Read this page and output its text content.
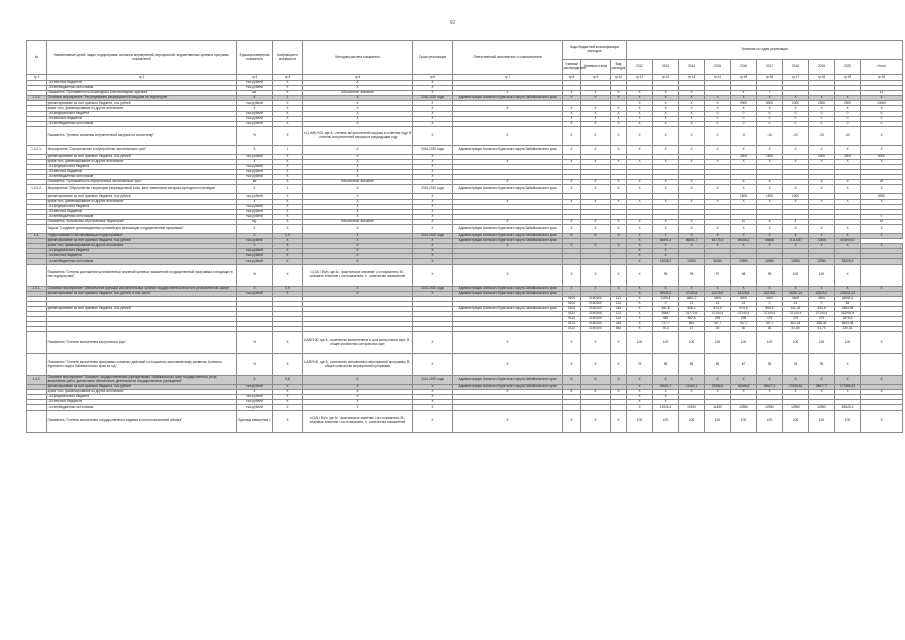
92
№	Наименование целей, задач, подпрограмм, основных мероприятий, мероприятий, ведомственных целевых программ, показателей	Единица измерения показателя	Коэффициент значимости	Методика расчета показателя	Сроки реализации	Ответственный исполнитель и соисполнители	Коды бюджетной классификации расходов			Значения по годам реализации									
							Главный распорядитель	Целевая статья	Вид расходов	2012	2013	2014	2015	2016	2017	2018	2019	2020	Итого
гр.1	гр.2	гр.3	гр.4	гр.5	гр.6	гр.7	гр.8	гр.9	гр.10	гр.11	гр.12	гр.13	гр.14	гр.15	гр.16	гр.17	гр.18	гр.19	гр.20
	- из местных бюджетов	тыс.рублей	Х	Х	Х														
	- из внебюджетных источников	тыс.рублей	Х	Х	Х														
	Показатель "Протяженность пешеходных и велосипедных дорожек"	км.	Х	Абсолютное значение	Х	Х	Х	Х	Х	Х	Х	Х		4	7				11
1.3.2.	Основное мероприятие "Регулирование рекреационной нагрузки на территорию"	Х	1	Х	2016-2020 годы	Администрация Агинского Бурятского округа Забайкальского края	Х	Х	Х	Х	Х	Х	Х	Х	Х	Х	Х	Х	Х
	финансирование за счет краевого бюджета, тыс.рублей	тыс.рублей	Х	Х	Х					Х	Х	Х	0	9000	8000	1000	1500	2500	13000
	кроме того, финансирование из других источников:	Х	Х	Х	Х	Х	Х	Х	Х	Х	Х	Х	Х	Х	Х	Х	Х	Х	Х
	- из федерального бюджета	тыс.рублей	Х	Х	Х		Х	Х	Х	Х	Х	Х	0	0	0	0	0	0	0
	- из местных бюджетов	тыс.рублей	Х	Х	Х		Х	Х	Х	Х	Х	Х	0	0	0	0	0	0	0
	- из внебюджетных источников	тыс.рублей	Х	Х	Х		Х	Х	Х	Х	Х	Х	0	0	0	0	0	0	0
	Показатель "Уровень снижения антропогенной нагрузки на экосистему"	%	Х	I=(1-A/B)*100, где A - степень антропогенной нагрузки в отчетном году; B - степень антропогенной нагрузки в предыдущем году	Х	Х	Х	Х	Х	Х	Х	Х	0	-5	-15	-20	-25	-30	Х
1.3.2.1.	Мероприятие "Строительство и обустройство экологических троп"	Х	1	Х	2016-2020 годы	Администрация Агинского Бурятского округа Забайкальского края	Х	Х	Х	Х	Х	Х	Х	Х	Х	Х	Х	Х	Х
	финансирование за счет краевого бюджета, тыс.рублей	тыс.рублей	Х	Х	Х									2500	1500		1500	2500	8000
	кроме того, финансирование из других источников:	Х	Х	Х	Х	Х	Х	Х	Х	Х	Х	Х	Х	Х	Х	Х	Х	Х	Х
	- из федерального бюджета	тыс.рублей	Х	Х	Х														
	- из местных бюджетов	тыс.рублей	Х	Х	Х														
	- из внебюджетных источников	тыс.рублей	Х	Х	Х														
	Показатель "Протяженность обустроенных экологических троп"	км	Х	Абсолютное значение	Х	Х	Х	Х	Х	Х	Х	Х		6	5		5	9	28
1.3.2.2.	Мероприятие "Обустройство территории рекреационной зоны, вахт, памятников историко-культурного наследия"	Х	1	Х	2019-2020 годы	Администрация Агинского Бурятского округа Забайкальского края	Х	Х	Х	Х	Х	Х	Х	Х	Х	Х	Х	Х	Х
	финансирование за счет краевого бюджета, тыс.рублей	тыс.рублей	Х	Х	Х									1500	1500	1000			5000
	кроме того, финансирование из других источников:	Х	Х	Х	Х	Х	Х	Х	Х	Х	Х	Х	Х	Х	Х	Х	Х	Х	Х
	- из федерального бюджета	тыс.рублей	Х	Х	Х														
	- из местных бюджетов	тыс.рублей	Х	Х	Х														
	- из внебюджетных источников	тыс.рублей	Х	Х	Х														0
	Показатель "Количество обустроенных территорий"	ед.	Х	Абсолютное значение	Х	Х	Х	Х	Х	Х	Х	Х		10	5	4			19
	Задача "Создание организационных условий для реализации государственной программы"	Х	Х	Х	Х	Администрация Агинского Бурятского округа Забайкальского края	Х	Х	Х	Х	Х	Х	Х	Х	Х	Х	Х	Х	Х
1.4.	Подпрограмма «Обеспечивающая подпрограмма»	Х	0,9	Х	2014-2020 годы	Администрация Агинского Бурятского округа Забайкальского края	Х	Х	Х	Х	Х	Х	Х	Х	Х	Х	Х	Х	Х
	финансирование за счет краевого бюджета, тыс.рублей	тыс.рублей	Х	Х	Х	Администрация Агинского Бурятского округа Забайкальского края				Х	65591,4	56551,7	65775,4	69406,2	69846	71118,87	72406	470690,57	
	кроме того, финансирование из других источников:	Х	Х	Х	Х	Х	Х	Х	Х	Х	Х	Х	Х	Х	Х	Х	Х	Х	Х
	- из федерального бюджета	тыс.рублей	Х	Х	Х					Х	Х								
	- из местных бюджетов	тыс.рублей	Х	Х	Х					Х	Х								
	- из внебюджетных источников	тыс.рублей	Х	Х	Х					Х	11926,3	10150	11450	12550	12550	12550	12550	83526,3	
	Показатель "Степень достижения установленных значений целевых показателей государственной программы и входящих в нее подпрограмм"	%	Х	I=(ΣAi / Bi)/n, где Ai - фактическое значение i-го показателя; Bi - плановое значение i-ого показателя, n - количество показателей	Х	Х	Х	Х	Х	Х	95	96	97	98	99	100	100	Х	
1.4.1.	Основное мероприятие "Обеспечение функций исполнительных органов государственной власти в установленной сфере"	Х	0,9	Х	2014-2020 годы	Администрация Агинского Бурятского округа Забайкальского края	Х	Х	Х	Х	Х	Х	Х	Х	Х	Х	Х	Х	Х
	финансирование за счет краевого бюджета, тыс.рублей, в том числе:	тыс.рублей	Х	Х	Х	Администрация Агинского Бурятского округа Забайкальского края				Х	39930,2	37183,6	43218,9	43128,6	43218,6	43251,24	43529,2	293001,14	
							0104	2150100	121	Х	2155,4	3881,2	4409	4409	4409	4409	4409	28081,6	
							0104	2150100	122	Х	0	21	21	21	0	21	0	83	
	финансирование за счет краевого бюджета, тыс.рублей					Администрация Агинского Бурятского округа Забайкальского края	0104	2150100	244	Х	481,8	508,2	574,5	574,5	894,5	411,25	430,8	3384,95	
							0113	2150100	121	Х	35487	31772,6	37144,4	37144,4	37144,4	37144,4	37144,4	252951,6	
							0113	2150100	122	Х	459	382,5	299	299	479	479	479	2876,5	
							0113	2150100	244	Х	717,7	891	767,7	767,7	767,7	802,24	838,34	5553,38	
							0113	2150100	852	Х	78,3	27	30	30	30	51,35	51,74	220,41	
	Показатель "Степень выполнения контрольных карт"	%	Х	I=A/B*100, где A - количество выполненных в срок контрольных карт; B - общее количество контрольных карт	Х	Х	Х	Х	Х	100	100	100	100	100	100	100	100	100	Х
	Показатель "Степень выполнения программы основных действий по социально-экономическому развитию Агинского Бурятского округа Забайкальского края за год"	%	Х	I=A/B*100, где A - количество исполненных мероприятий программы; B - общее количество мероприятий программы	Х	Х	Х	Х	Х	75	85	85	85	87	90	92	95	Х	
1.4.2.	Основное мероприятие "Оказание государственными учреждениями Забайкальского края государственных услуг, выполнение работ, финансовое обеспечение деятельности государственных учреждений"	Х	0,8	Х	2014-2020 годы	Администрация Агинского Бурятского округа Забайкальского края	Х	Х	Х	Х	Х	Х	Х	Х	Х	Х	Х	Х	Х
	финансирование за счет краевого бюджета, тыс.рублей	тыс.рублей	Х	Х	Х	Администрация Агинского Бурятского округа Забайкальского края				Х	24061,2	21260,1	22556,5	26366,6	26627,4	27635,63	28877,7	177886,43	
	кроме того, финансирование из других источников:	Х	Х	Х	Х	Х	Х	Х	Х	Х	Х	Х	Х	Х	Х	Х	Х	Х	Х
	- из федерального бюджета	тыс.рублей	Х	Х	Х					Х	Х								
	- из местных бюджетов	тыс.рублей	Х	Х	Х					Х	Х								
	- из внебюджетных источников	тыс.рублей	Х	Х	Х					Х	11926,3	10150	11450	12550	12550	12550	12550	83526,3	
	Показатель "Степень выполнения государственного задания в части показателей объема"	Единица измерения 1	Х	I=(ΣAi / Bi)/n, где Ai - фактическое значение i-ого показателя; Bi - плановое значение i-ого показателя, n - количество показателей	Х	Х	Х	Х	Х	100	100	100	100	100	100	100	100	100	Х
